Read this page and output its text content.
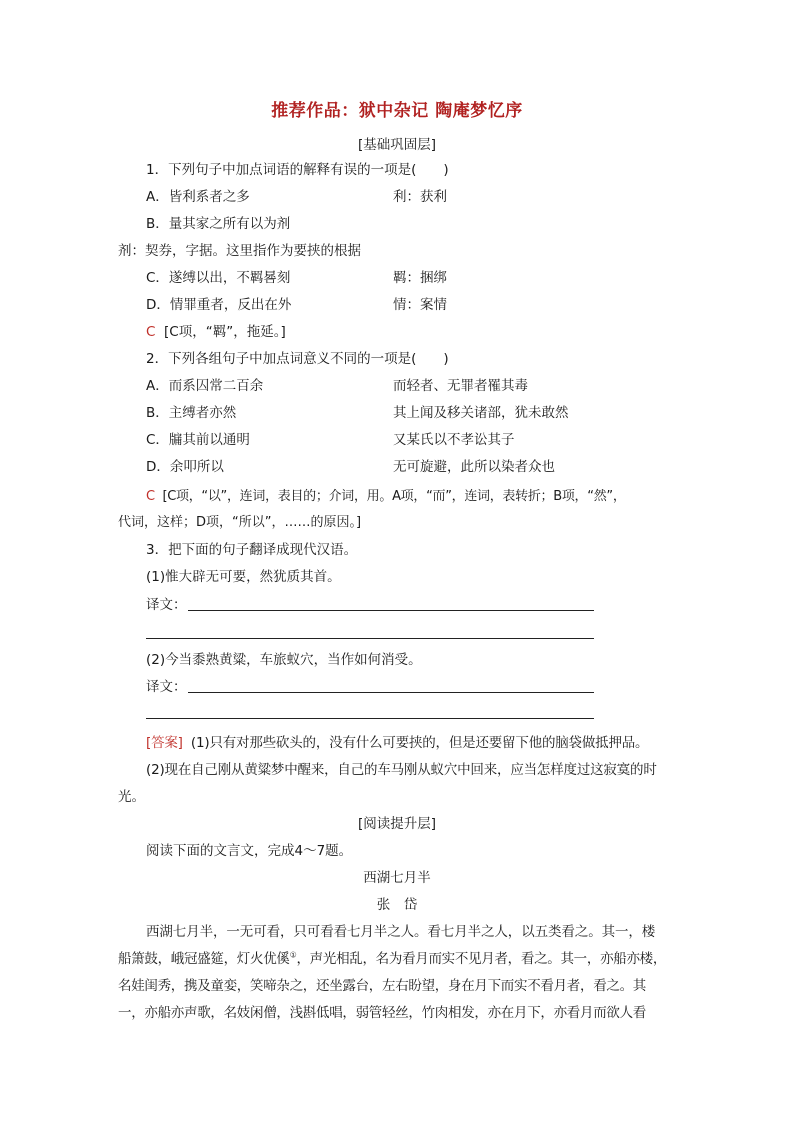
推荐作品：狱中杂记 陶庵梦忆序
[基础巩固层]
1．下列句子中加点词语的解释有误的一项是(　　)
A．皆利系者之多	利：获利
B．量其家之所有以为剂
剂：契券，字据。这里指作为要挟的根据
C．遂缚以出，不羁晷刻	羁：捆绑
D．情罪重者，反出在外	情：案情
C [C项，“羁”，拖延。]
2．下列各组句子中加点词意义不同的一项是(　　)
A．而系囚常二百余	而轻者、无罪者罹其毒
B．主缚者亦然	其上闻及移关诸部，犹未敢然
C．牖其前以通明	又某氏以不孝讼其子
D．余叩所以	无可旋避，此所以染者众也
C [C项，“以”，连词，表目的；介词，用。A项，“而”，连词，表转折；B项，“然”，
代词，这样；D项，“所以”，……的原因。]
3．把下面的句子翻译成现代汉语。
(1)惟大辟无可要，然犹质其首。
译文：
(2)今当黍熟黄粱，车旅蚁穴，当作如何消受。
译文：
[答案] (1)只有对那些砍头的，没有什么可要挟的，但是还要留下他的脑袋做抵押品。
(2)现在自己刚从黄粱梦中醒来，自己的车马刚从蚁穴中回来，应当怎样度过这寂寞的时
光。
[阅读提升层]
阅读下面的文言文，完成4～7题。
西湖七月半
张　岱
西湖七月半，一无可看，只可看看七月半之人。看七月半之人，以五类看之。其一，楼
船箫鼓，峨冠盛筵，灯火优傒①，声光相乱，名为看月而实不见月者，看之。其一，亦船亦楼，
名娃闺秀，携及童娈，笑啼杂之，还坐露台，左右盼望，身在月下而实不看月者，看之。其
一，亦船亦声歌，名妓闲僧，浅斟低唱，弱管轻丝，竹肉相发，亦在月下，亦看月而欲人看
